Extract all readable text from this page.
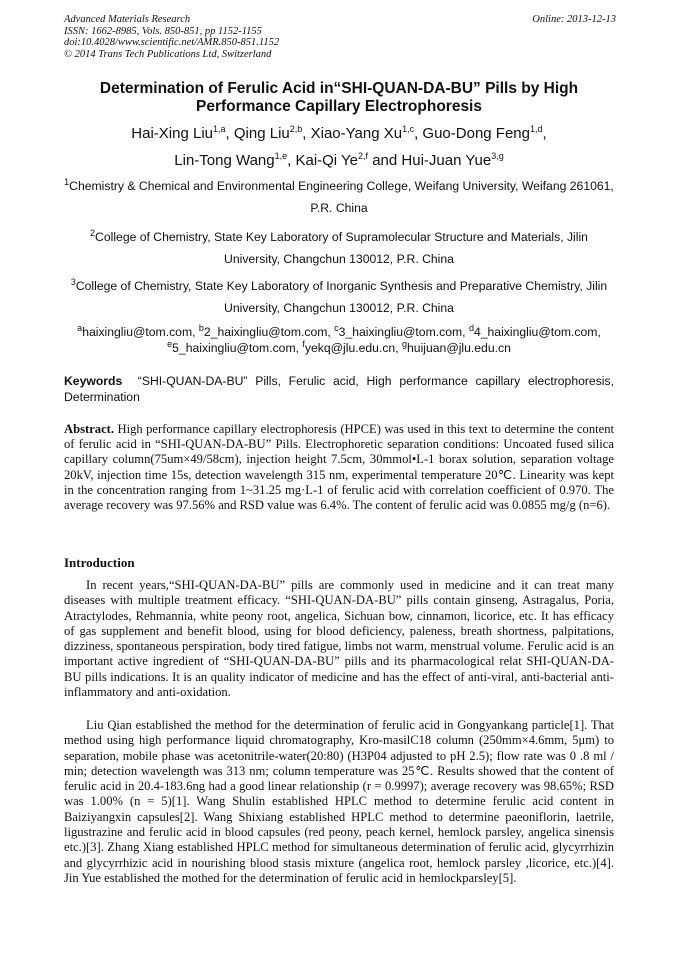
Advanced Materials Research
ISSN: 1662-8985, Vols. 850-851, pp 1152-1155
doi:10.4028/www.scientific.net/AMR.850-851.1152
© 2014 Trans Tech Publications Ltd, Switzerland
Online: 2013-12-13
Determination of Ferulic Acid in“SHI-QUAN-DA-BU” Pills by High Performance Capillary Electrophoresis
Hai-Xing Liu$^{1,a}$, Qing Liu$^{2,b}$, Xiao-Yang Xu$^{1,c}$, Guo-Dong Feng$^{1,d}$,
Lin-Tong Wang$^{1,e}$, Kai-Qi Ye$^{2,f}$ and Hui-Juan Yue$^{3,g}$
$^1$Chemistry & Chemical and Environmental Engineering College, Weifang University, Weifang 261061, P.R. China
$^2$College of Chemistry, State Key Laboratory of Supramolecular Structure and Materials, Jilin University, Changchun 130012, P.R. China
$^3$College of Chemistry, State Key Laboratory of Inorganic Synthesis and Preparative Chemistry, Jilin University, Changchun 130012, P.R. China
$^a$haixingliu@tom.com, $^b$2_haixingliu@tom.com, $^c$3_haixingliu@tom.com, $^d$4_haixingliu@tom.com,
$^e$5_haixingliu@tom.com, $^f$yekq@jlu.edu.cn, $^g$huijuan@jlu.edu.cn
Keywords “SHI-QUAN-DA-BU” Pills, Ferulic acid, High performance capillary electrophoresis, Determination
Abstract. High performance capillary electrophoresis (HPCE) was used in this text to determine the content of ferulic acid in “SHI-QUAN-DA-BU” Pills. Electrophoretic separation conditions: Uncoated fused silica capillary column(75um×49/58cm), injection height 7.5cm, 30mmol•L-1 borax solution, separation voltage 20kV, injection time 15s, detection wavelength 315 nm, experimental temperature 20℃. Linearity was kept in the concentration ranging from 1~31.25 mg·L-1 of ferulic acid with correlation coefficient of 0.970. The average recovery was 97.56% and RSD value was 6.4%. The content of ferulic acid was 0.0855 mg/g (n=6).
Introduction
In recent years,“SHI-QUAN-DA-BU” pills are commonly used in medicine and it can treat many diseases with multiple treatment efficacy. “SHI-QUAN-DA-BU” pills contain ginseng, Astragalus, Poria, Atractylodes, Rehmannia, white peony root, angelica, Sichuan bow, cinnamon, licorice, etc. It has efficacy of gas supplement and benefit blood, using for blood deficiency, paleness, breath shortness, palpitations, dizziness, spontaneous perspiration, body tired fatigue, limbs not warm, menstrual volume. Ferulic acid is an important active ingredient of “SHI-QUAN-DA-BU” pills and its pharmacological relat SHI-QUAN-DA-BU pills indications. It is an quality indicator of medicine and has the effect of anti-viral, anti-bacterial anti-inflammatory and anti-oxidation.
Liu Qian established the method for the determination of ferulic acid in Gongyankang particle[1]. That method using high performance liquid chromatography, Kro-masilC18 column (250mm×4.6mm, 5μm) to separation, mobile phase was acetonitrile-water(20:80) (H3P04 adjusted to pH 2.5); flow rate was 0 .8 ml / min; detection wavelength was 313 nm; column temperature was 25℃. Results showed that the content of ferulic acid in 20.4-183.6ng had a good linear relationship (r = 0.9997); average recovery was 98.65%; RSD was 1.00% (n = 5)[1]. Wang Shulin established HPLC method to determine ferulic acid content in Baiziyangxin capsules[2]. Wang Shixiang established HPLC method to determine paeoniflorin, laetrile, ligustrazine and ferulic acid in blood capsules (red peony, peach kernel, hemlock parsley, angelica sinensis etc.)[3]. Zhang Xiang established HPLC method for simultaneous determination of ferulic acid, glycyrrhizin and glycyrrhizic acid in nourishing blood stasis mixture (angelica root, hemlock parsley ,licorice, etc.)[4]. Jin Yue established the mothed for the determination of ferulic acid in hemlockparsley[5].
